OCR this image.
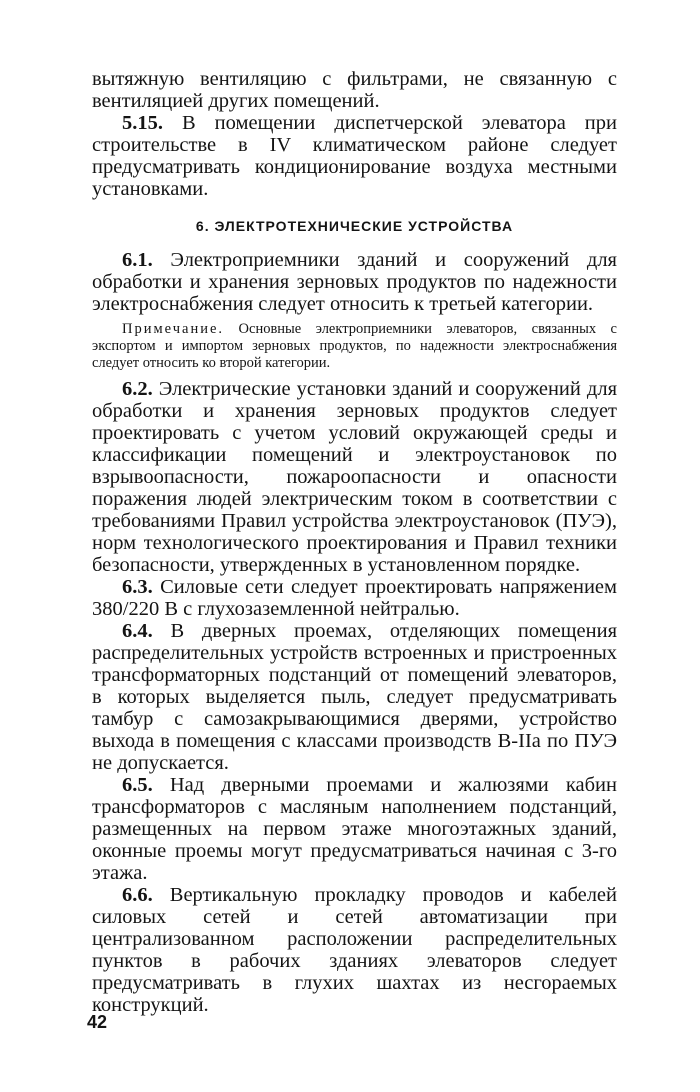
вытяжную вентиляцию с фильтрами, не связанную с вентиляцией других помещений.

5.15. В помещении диспетчерской элеватора при строительстве в IV климатическом районе следует предусматривать кондиционирование воздуха местными установками.

6. ЭЛЕКТРОТЕХНИЧЕСКИЕ УСТРОЙСТВА

6.1. Электроприемники зданий и сооружений для обработки и хранения зерновых продуктов по надежности электроснабжения следует относить к третьей категории.

Примечание. Основные электроприемники элеваторов, связанных с экспортом и импортом зерновых продуктов, по надежности электроснабжения следует относить ко второй категории.

6.2. Электрические установки зданий и сооружений для обработки и хранения зерновых продуктов следует проектировать с учетом условий окружающей среды и классификации помещений и электроустановок по взрывоопасности, пожароопасности и опасности поражения людей электрическим током в соответствии с требованиями Правил устройства электроустановок (ПУЭ), норм технологического проектирования и Правил техники безопасности, утвержденных в установленном порядке.

6.3. Силовые сети следует проектировать напряжением 380/220 В с глухозаземленной нейтралью.

6.4. В дверных проемах, отделяющих помещения распределительных устройств встроенных и пристроенных трансформаторных подстанций от помещений элеваторов, в которых выделяется пыль, следует предусматривать тамбур с самозакрывающимися дверями, устройство выхода в помещения с классами производств В-IIа по ПУЭ не допускается.

6.5. Над дверными проемами и жалюзями кабин трансформаторов с масляным наполнением подстанций, размещенных на первом этаже многоэтажных зданий, оконные проемы могут предусматриваться начиная с 3-го этажа.

6.6. Вертикальную прокладку проводов и кабелей силовых сетей и сетей автоматизации при централизованном расположении распределительных пунктов в рабочих зданиях элеваторов следует предусматривать в глухих шахтах из несгораемых конструкций.

42
